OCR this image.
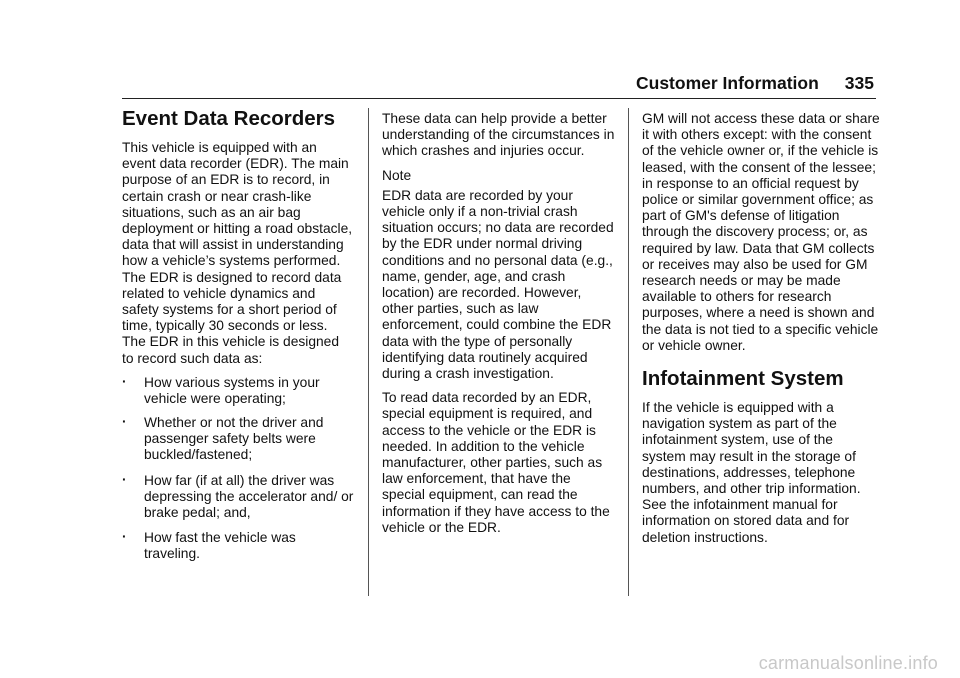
Customer Information 335
Event Data Recorders

This vehicle is equipped with an event data recorder (EDR). The main purpose of an EDR is to record, in certain crash or near crash-like situations, such as an air bag deployment or hitting a road obstacle, data that will assist in understanding how a vehicle’s systems performed. The EDR is designed to record data related to vehicle dynamics and safety systems for a short period of time, typically 30 seconds or less. The EDR in this vehicle is designed to record such data as:

· How various systems in your vehicle were operating;
· Whether or not the driver and passenger safety belts were buckled/fastened;
· How far (if at all) the driver was depressing the accelerator and/ or brake pedal; and,
· How fast the vehicle was traveling.

These data can help provide a better understanding of the circumstances in which crashes and injuries occur.

Note

EDR data are recorded by your vehicle only if a non-trivial crash situation occurs; no data are recorded by the EDR under normal driving conditions and no personal data (e.g., name, gender, age, and crash location) are recorded. However, other parties, such as law enforcement, could combine the EDR data with the type of personally identifying data routinely acquired during a crash investigation.

To read data recorded by an EDR, special equipment is required, and access to the vehicle or the EDR is needed. In addition to the vehicle manufacturer, other parties, such as law enforcement, that have the special equipment, can read the information if they have access to the vehicle or the EDR.

GM will not access these data or share it with others except: with the consent of the vehicle owner or, if the vehicle is leased, with the consent of the lessee; in response to an official request by police or similar government office; as part of GM's defense of litigation through the discovery process; or, as required by law. Data that GM collects or receives may also be used for GM research needs or may be made available to others for research purposes, where a need is shown and the data is not tied to a specific vehicle or vehicle owner.

Infotainment System

If the vehicle is equipped with a navigation system as part of the infotainment system, use of the system may result in the storage of destinations, addresses, telephone numbers, and other trip information. See the infotainment manual for information on stored data and for deletion instructions.

carmanualsonline.info
